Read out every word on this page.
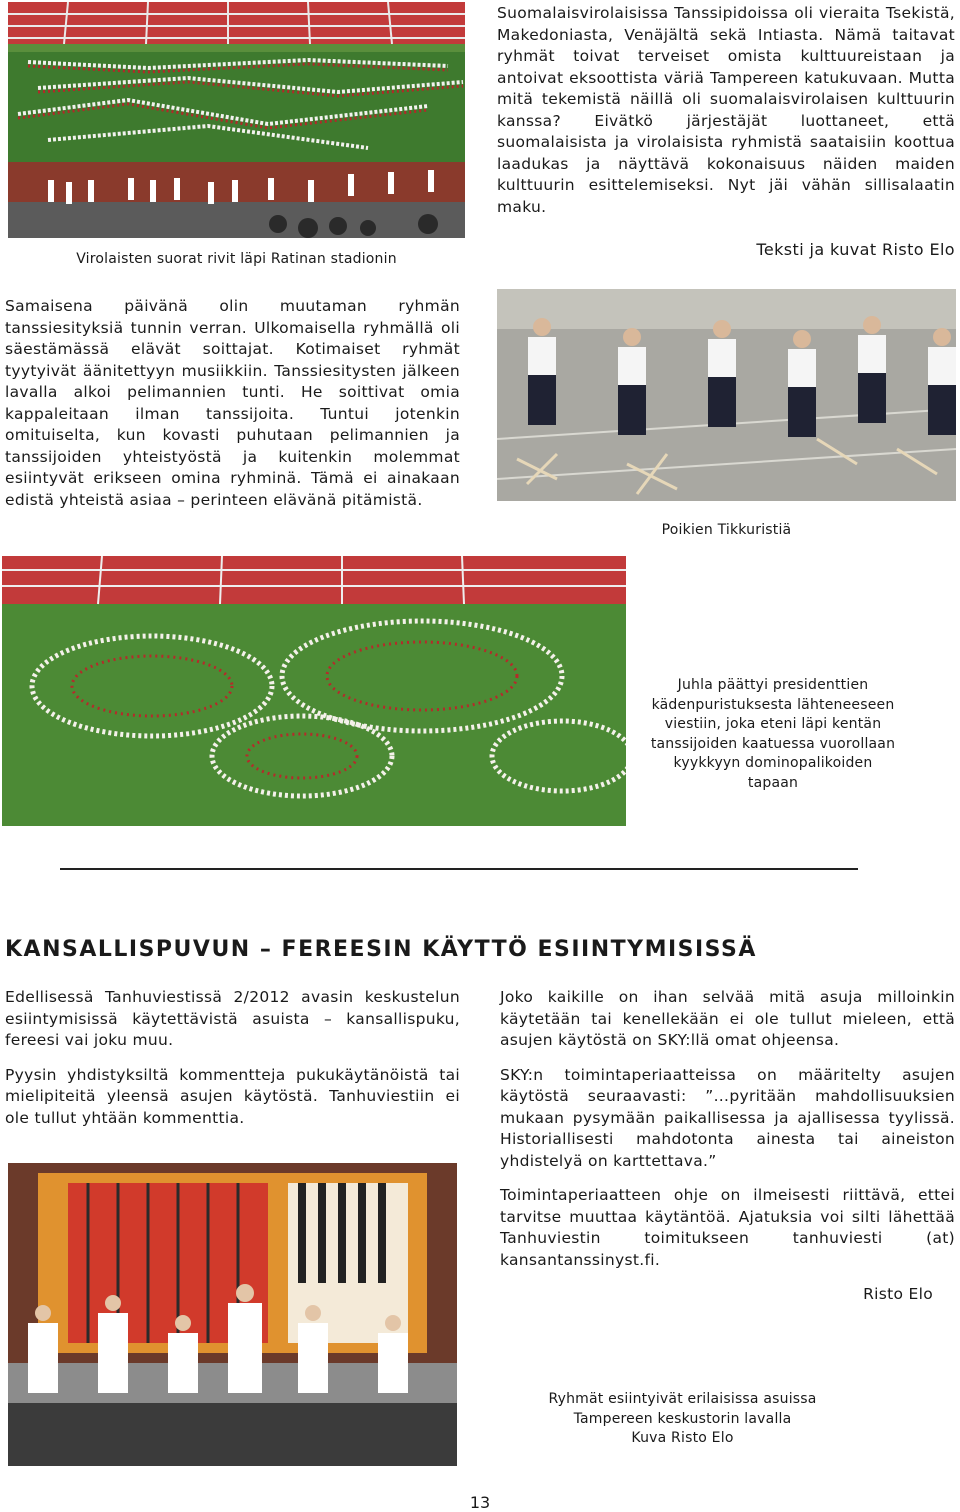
Virolaisten suorat rivit läpi Ratinan stadionin

Suomalaisvirolaisissa Tanssipidoissa oli vieraita Tsekistä, Makedoniasta, Venäjältä sekä Intiasta. Nämä taitavat ryhmät toivat terveiset omista kulttuureistaan ja antoivat eksoottista väriä Tampereen katukuvaan. Mutta mitä tekemistä näillä oli suomalaisvirolaisen kulttuurin kanssa? Eivätkö järjestäjät luottaneet, että suomalaisista ja virolaisista ryhmistä saataisiin koottua laadukas ja näyttävä kokonaisuus näiden maiden kulttuurin esittelemiseksi. Nyt jäi vähän sillisalaatin maku.

Teksti ja kuvat Risto Elo

Samaisena päivänä olin muutaman ryhmän tanssiesityksiä tunnin verran. Ulkomaisella ryhmällä oli säestämässä elävät soittajat. Kotimaiset ryhmät tyytyivät äänitettyyn musiikkiin. Tanssiesitysten jälkeen lavalla alkoi pelimannien tunti. He soittivat omia kappaleitaan ilman tanssijoita. Tuntui jotenkin omituiselta, kun kovasti puhutaan pelimannien ja tanssijoiden yhteistyöstä ja kuitenkin molemmat esiintyvät erikseen omina ryhminä. Tämä ei ainakaan edistä yhteistä asiaa – perinteen elävänä pitämistä.

Poikien Tikkuristiä
Juhla päättyi presidenttien kädenpuristuksesta lähteneeseen viestiin, joka eteni läpi kentän tanssijoiden kaatuessa vuorollaan kyykkyyn dominopalikoiden tapaan
KANSALLISPUVUN – FEREESIN KÄYTTÖ ESIINTYMISISSÄ

Edellisessä Tanhuviestissä 2/2012 avasin keskustelun esiintymisissä käytettävistä asuista – kansallispuku, fereesi vai joku muu.

Pyysin yhdistyksiltä kommentteja pukukäytänöistä tai mielipiteitä yleensä asujen käytöstä. Tanhuviestiin ei ole tullut yhtään kommenttia.

Joko kaikille on ihan selvää mitä asuja milloinkin käytetään tai kenellekään ei ole tullut mieleen, että asujen käytöstä on SKY:llä omat ohjeensa.

SKY:n toimintaperiaatteissa on määritelty asujen käytöstä seuraavasti: ”…pyritään mahdollisuuksien mukaan pysymään paikallisessa ja ajallisessa tyylissä. Historiallisesti mahdotonta ainesta tai aineiston yhdistelyä on karttettava.”

Toimintaperiaatteen ohje on ilmeisesti riittävä, ettei tarvitse muuttaa käytäntöä. Ajatuksia voi silti lähettää Tanhuviestin toimitukseen tanhuviesti (at) kansantanssinyst.fi.

Risto Elo
Ryhmät esiintyivät erilaisissa asuissa
Tampereen keskustorin lavalla
Kuva Risto Elo
13
